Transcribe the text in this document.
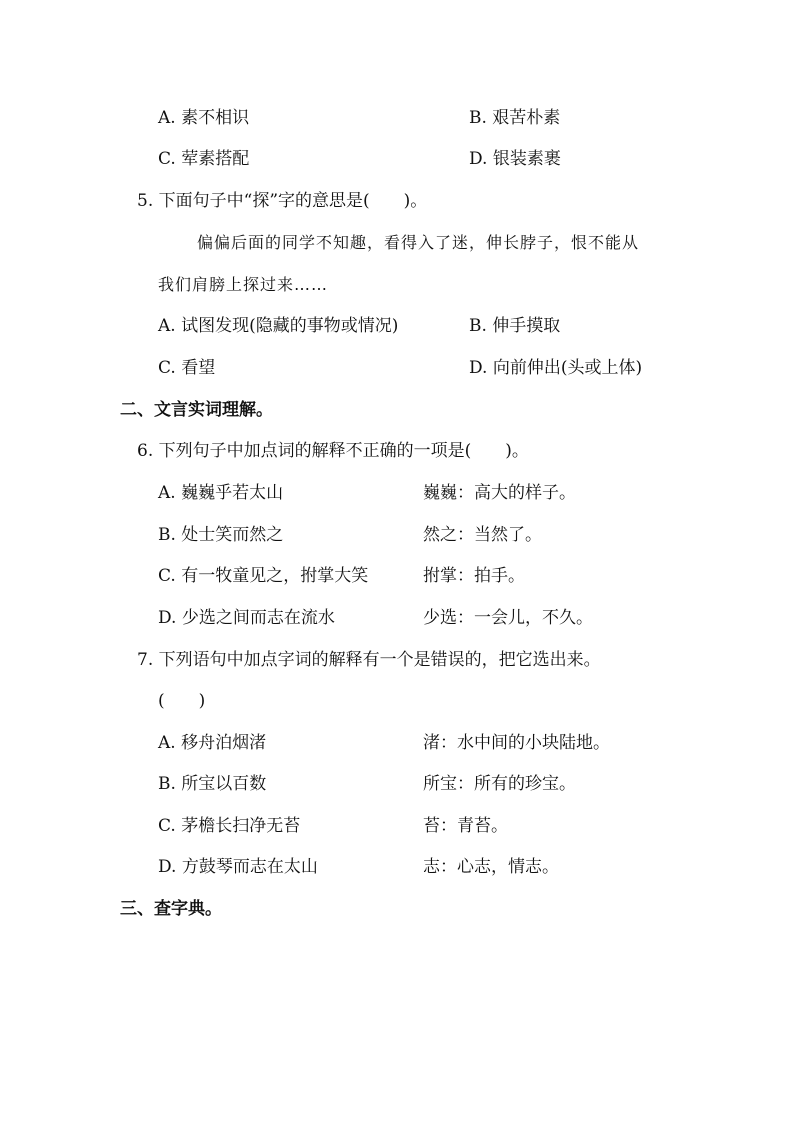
A. 素不相识	B. 艰苦朴素
C. 荤素搭配	D. 银装素裹
5. 下面句子中“探”字的意思是(　　)。
偏偏后面的同学不知趣，看得入了迷，伸长脖子，恨不能从
我们肩膀上探过来……
A. 试图发现(隐藏的事物或情况)	B. 伸手摸取
C. 看望	D. 向前伸出(头或上体)
二、文言实词理解。
6. 下列句子中加点词的解释不正确的一项是(　　)。
A. 巍巍乎若太山	巍巍：高大的样子。
B. 处士笑而然之	然之：当然了。
C. 有一牧童见之，拊掌大笑	拊掌：拍手。
D. 少选之间而志在流水	少选：一会儿，不久。
7. 下列语句中加点字词的解释有一个是错误的，把它选出来。
(　　)
A. 移舟泊烟渚	渚：水中间的小块陆地。
B. 所宝以百数	所宝：所有的珍宝。
C. 茅檐长扫净无苔	苔：青苔。
D. 方鼓琴而志在太山	志：心志，情志。
三、查字典。
